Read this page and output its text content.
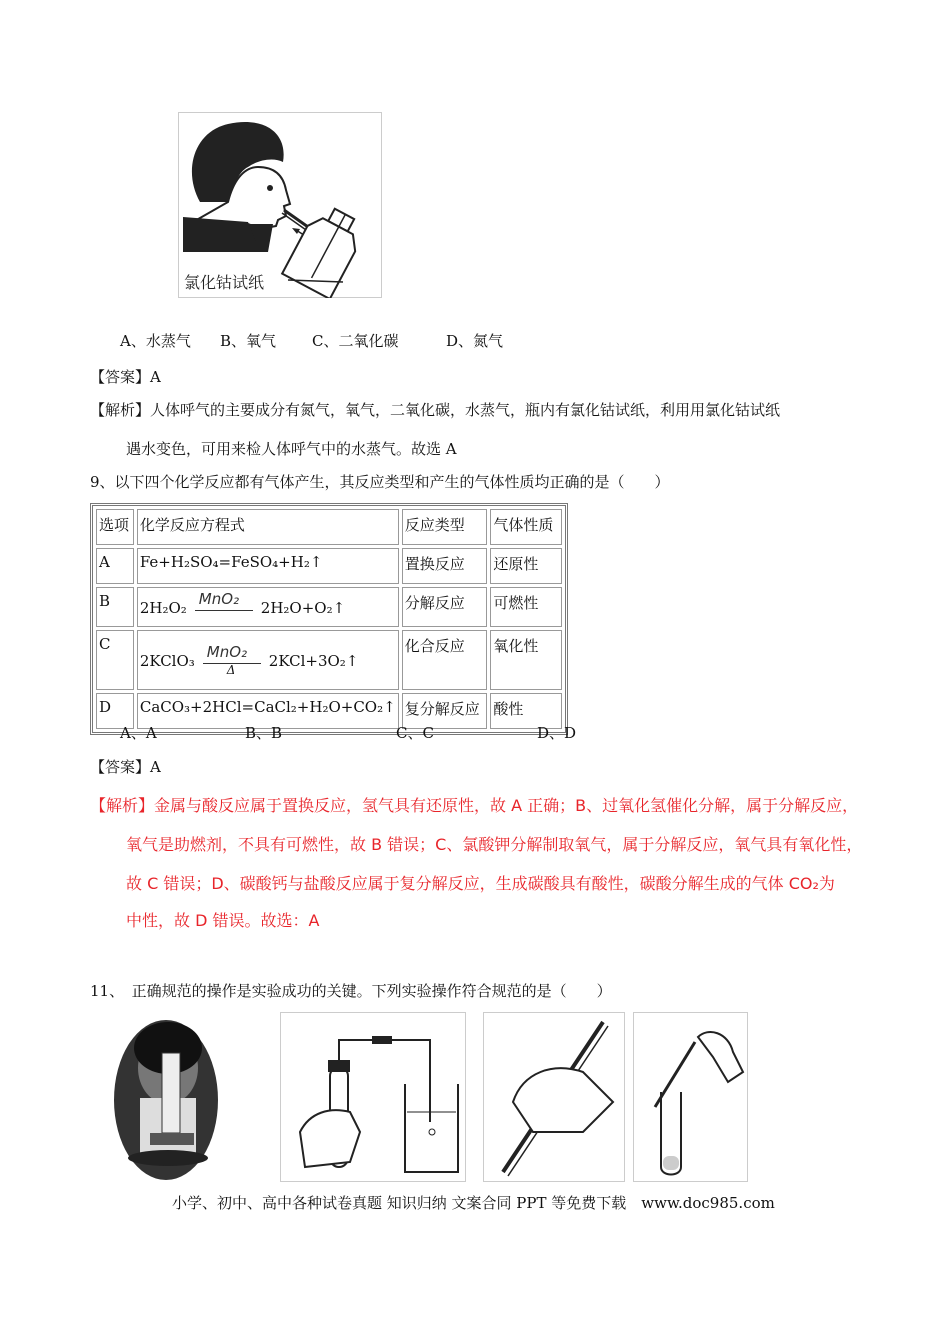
氯化钴试纸
A、水蒸气 B、氧气 C、二氧化碳	D、氮气
【答案】A
【解析】人体呼气的主要成分有氮气，氧气，二氧化碳，水蒸气，瓶内有氯化钴试纸，利用用氯化钴试纸
遇水变色，可用来检人体呼气中的水蒸气。故选 A
9、以下四个化学反应都有气体产生，其反应类型和产生的气体性质均正确的是（　　）
选项	化学反应方程式	反应类型	气体性质
A	Fe+H₂SO₄=FeSO₄+H₂↑	置换反应	还原性
B	2H₂O₂ MnO₂ 2H₂O+O₂↑	分解反应	可燃性
C	2KClO₃ $\frac{\text{MnO₂}}{\Delta}$ 2KCl+3O₂↑	化合反应	氧化性
D	CaCO₃+2HCl=CaCl₂+H₂O+CO₂↑	复分解反应	酸性
A、A	B、B	C、C	D、D
【答案】A
【解析】金属与酸反应属于置换反应，氢气具有还原性，故 A 正确；B、过氧化氢催化分解，属于分解反应，
氧气是助燃剂，不具有可燃性，故 B 错误；C、氯酸钾分解制取氧气，属于分解反应，氧气具有氧化性，
故 C 错误；D、碳酸钙与盐酸反应属于复分解反应，生成碳酸具有酸性，碳酸分解生成的气体 CO₂为
中性，故 D 错误。故选：A
11、　正确规范的操作是实验成功的关键。下列实验操作符合规范的是（　　）
小学、初中、高中各种试卷真题 知识归纳 文案合同 PPT 等免费下载　www.doc985.com
